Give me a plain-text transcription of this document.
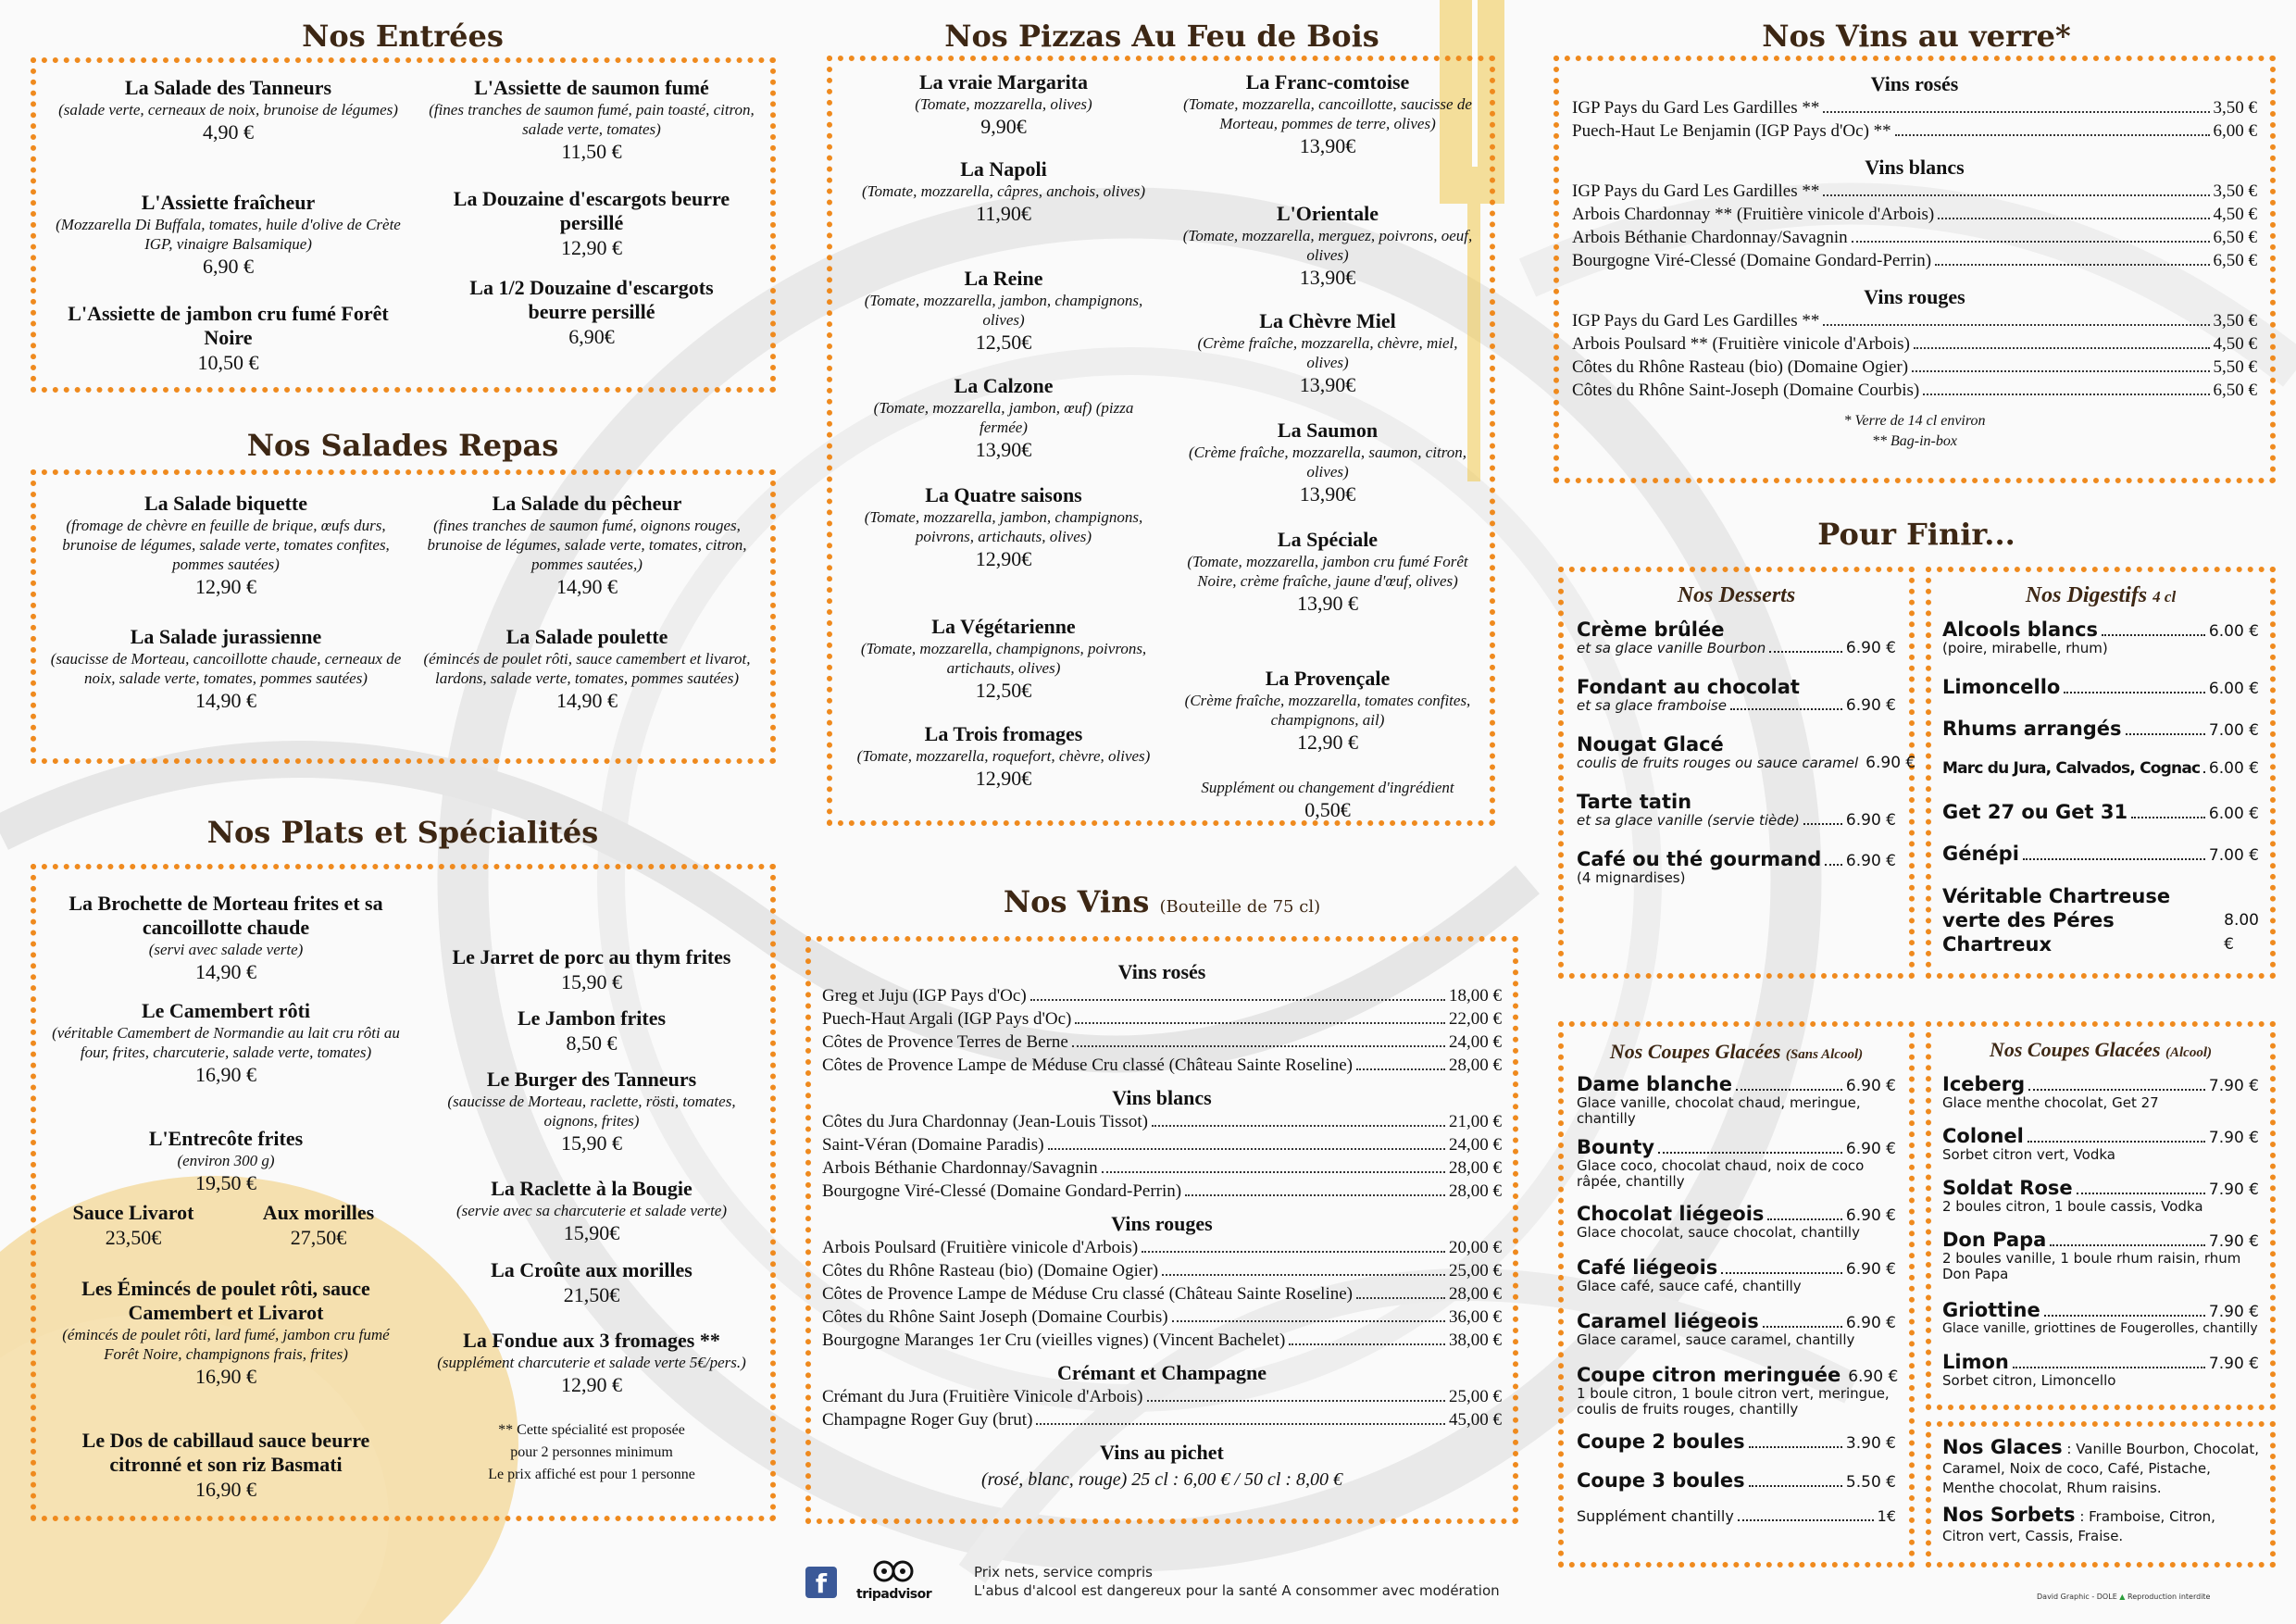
Nos Entrées
La Salade des Tanneurs
(salade verte, cerneaux de noix, brunoise de légumes)
4,90 €
L'Assiette fraîcheur
(Mozzarella Di Buffala, tomates, huile d'olive de Crète IGP, vinaigre Balsamique)
6,90 €
L'Assiette de jambon cru fumé Forêt Noire
10,50 €
L'Assiette de saumon fumé
(fines tranches de saumon fumé, pain toasté, citron, salade verte, tomates)
11,50 €
La Douzaine d'escargots beurre persillé
12,90 €
La 1/2 Douzaine d'escargots beurre persillé
6,90€
Nos Salades Repas
La Salade biquette
(fromage de chèvre en feuille de brique, œufs durs, brunoise de légumes, salade verte, tomates confites, pommes sautées)
12,90 €
La Salade jurassienne
(saucisse de Morteau, cancoillotte chaude, cerneaux de noix, salade verte, tomates, pommes sautées)
14,90 €
La Salade du pêcheur
(fines tranches de saumon fumé, oignons rouges, brunoise de légumes, salade verte, tomates, citron, pommes sautées,)
14,90 €
La Salade poulette
(émincés de poulet rôti, sauce camembert et livarot, lardons, salade verte, tomates, pommes sautées)
14,90 €
Nos Plats et Spécialités
La Brochette de Morteau frites et sa cancoillotte chaude
(servi avec salade verte)
14,90 €
Le Camembert rôti
(véritable Camembert de Normandie au lait cru rôti au four, frites, charcuterie, salade verte, tomates)
16,90 €
L'Entrecôte frites
(environ 300 g)
19,50 €
Sauce Livarot
23,50€
Aux morilles
27,50€
Les Émincés de poulet rôti, sauce Camembert et Livarot
(émincés de poulet rôti, lard fumé, jambon cru fumé Forêt Noire, champignons frais, frites)
16,90 €
Le Dos de cabillaud sauce beurre citronné et son riz Basmati
16,90 €
Le Jarret de porc au thym frites
15,90 €
Le Jambon frites
8,50 €
Le Burger des Tanneurs
(saucisse de Morteau, raclette, rösti, tomates, oignons, frites)
15,90 €
La Raclette à la Bougie
(servie avec sa charcuterie et salade verte)
15,90€
La Croûte aux morilles
21,50€
La Fondue aux 3 fromages **
(supplément charcuterie et salade verte 5€/pers.)
12,90 €
** Cette spécialité est proposée
pour 2 personnes minimum
Le prix affiché est pour 1 personne
Nos Pizzas Au Feu de Bois
La vraie Margarita
(Tomate, mozzarella, olives)
9,90€
La Napoli
(Tomate, mozzarella, câpres, anchois, olives)
11,90€
La Reine
(Tomate, mozzarella, jambon, champignons, olives)
12,50€
La Calzone
(Tomate, mozzarella, jambon, œuf) (pizza fermée)
13,90€
La Quatre saisons
(Tomate, mozzarella, jambon, champignons, poivrons, artichauts, olives)
12,90€
La Végétarienne
(Tomate, mozzarella, champignons, poivrons, artichauts, olives)
12,50€
La Trois fromages
(Tomate, mozzarella, roquefort, chèvre, olives)
12,90€
La Franc-comtoise
(Tomate, mozzarella, cancoillotte, saucisse de Morteau, pommes de terre, olives)
13,90€
L'Orientale
(Tomate, mozzarella, merguez, poivrons, oeuf, olives)
13,90€
La Chèvre Miel
(Crème fraîche, mozzarella, chèvre, miel, olives)
13,90€
La Saumon
(Crème fraîche, mozzarella, saumon, citron, olives)
13,90€
La Spéciale
(Tomate, mozzarella, jambon cru fumé Forêt Noire, crème fraîche, jaune d'œuf, olives)
13,90 €
La Provençale
(Crème fraîche, mozzarella, tomates confites, champignons, ail)
12,90 €
Supplément ou changement d'ingrédient
0,50€
Nos Vins (Bouteille de 75 cl)
Vins rosés
Greg et Juju (IGP Pays d'Oc)	18,00 €
Puech-Haut Argali (IGP Pays d'Oc)	22,00 €
Côtes de Provence Terres de Berne	24,00 €
Côtes de Provence Lampe de Méduse Cru classé (Château Sainte Roseline)	28,00 €
Vins blancs
Côtes du Jura Chardonnay (Jean-Louis Tissot)	21,00 €
Saint-Véran (Domaine Paradis)	24,00 €
Arbois Béthanie Chardonnay/Savagnin	28,00 €
Bourgogne Viré-Clessé (Domaine Gondard-Perrin)	28,00 €
Vins rouges
Arbois Poulsard (Fruitière vinicole d'Arbois)	20,00 €
Côtes du Rhône Rasteau (bio) (Domaine Ogier)	25,00 €
Côtes de Provence Lampe de Méduse Cru classé (Château Sainte Roseline)	28,00 €
Côtes du Rhône Saint Joseph (Domaine Courbis)	36,00 €
Bourgogne Maranges 1er Cru (vieilles vignes) (Vincent Bachelet)	38,00 €
Crémant et Champagne
Crémant du Jura (Fruitière Vinicole d'Arbois)	25,00 €
Champagne Roger Guy (brut)	45,00 €
Vins au pichet
(rosé, blanc, rouge) 25 cl : 6,00 € / 50 cl : 8,00 €
Nos Vins au verre*
Vins rosés
IGP Pays du Gard Les Gardilles **	3,50 €
Puech-Haut Le Benjamin (IGP Pays d'Oc) **	6,00 €
Vins blancs
IGP Pays du Gard Les Gardilles **	3,50 €
Arbois Chardonnay ** (Fruitière vinicole d'Arbois)	4,50 €
Arbois Béthanie Chardonnay/Savagnin	6,50 €
Bourgogne Viré-Clessé (Domaine Gondard-Perrin)	6,50 €
Vins rouges
IGP Pays du Gard Les Gardilles **	3,50 €
Arbois Poulsard ** (Fruitière vinicole d'Arbois)	4,50 €
Côtes du Rhône Rasteau (bio) (Domaine Ogier)	5,50 €
Côtes du Rhône Saint-Joseph (Domaine Courbis)	6,50 €
* Verre de 14 cl environ
** Bag-in-box
Pour Finir...
Nos Desserts
Crème brûlée
et sa glace vanille Bourbon	6.90 €
Fondant au chocolat
et sa glace framboise	6.90 €
Nougat Glacé
coulis de fruits rouges ou sauce caramel 6.90 €
Tarte tatin
et sa glace vanille (servie tiède)	6.90 €
Café ou thé gourmand 6.90 €
(4 mignardises)
Nos Digestifs 4 cl
Alcools blancs	6.00 €
(poire, mirabelle, rhum)
Limoncello	6.00 €
Rhums arrangés	7.00 €
Marc du Jura, Calvados, Cognac 6.00 €
Get 27 ou Get 31	6.00 €
Génépi	7.00 €
Véritable Chartreuse verte des Péres Chartreux
8.00 €
Nos Coupes Glacées (Sans Alcool)
Dame blanche	6.90 €
Glace vanille, chocolat chaud, meringue, chantilly
Bounty	6.90 €
Glace coco, chocolat chaud, noix de coco râpée, chantilly
Chocolat liégeois	6.90 €
Glace chocolat, sauce chocolat, chantilly
Café liégeois	6.90 €
Glace café, sauce café, chantilly
Caramel liégeois	6.90 €
Glace caramel, sauce caramel, chantilly
Coupe citron meringuée 6.90 €
1 boule citron, 1 boule citron vert, meringue, coulis de fruits rouges, chantilly
Coupe 2 boules	3.90 €
Coupe 3 boules	5.50 €
Supplément chantilly	1€
Nos Coupes Glacées (Alcool)
Iceberg	7.90 €
Glace menthe chocolat, Get 27
Colonel	7.90 €
Sorbet citron vert, Vodka
Soldat Rose	7.90 €
2 boules citron, 1 boule cassis, Vodka
Don Papa	7.90 €
2 boules vanille, 1 boule rhum raisin, rhum Don Papa
Griottine	7.90 €
Glace vanille, griottines de Fougerolles, chantilly
Limon	7.90 €
Sorbet citron, Limoncello
Nos Glaces : Vanille Bourbon, Chocolat, Caramel, Noix de coco, Café, Pistache, Menthe chocolat, Rhum raisins.
Nos Sorbets : Framboise, Citron, Citron vert, Cassis, Fraise.
f	tripadvisor
Prix nets, service compris
L'abus d'alcool est dangereux pour la santé A consommer avec modération	David Graphic - DOLE ▲ Reproduction interdite
